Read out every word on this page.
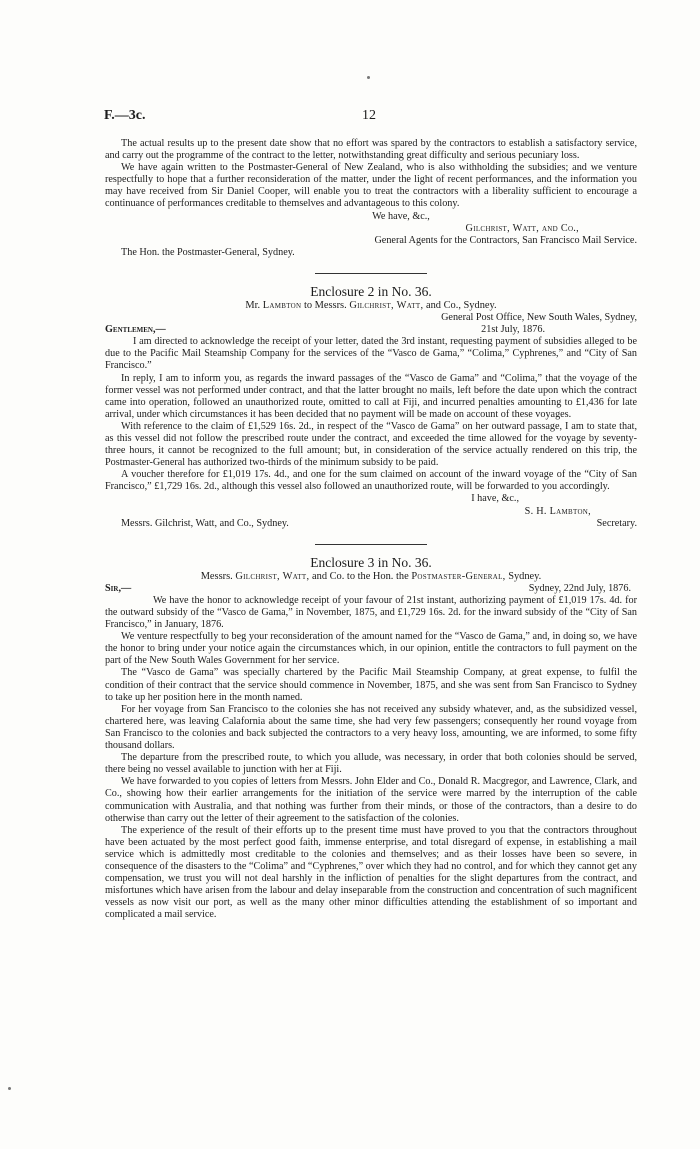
F.—3c.	12

The actual results up to the present date show that no effort was spared by the contractors to establish a satisfactory service, and carry out the programme of the contract to the letter, notwithstanding great difficulty and serious pecuniary loss.

We have again written to the Postmaster-General of New Zealand, who is also withholding the subsidies; and we venture respectfully to hope that a further reconsideration of the matter, under the light of recent performances, and the information you may have received from Sir Daniel Cooper, will enable you to treat the contractors with a liberality sufficient to encourage a continuance of performances creditable to themselves and advantageous to this colony.

We have, &c.,

Gilchrist, Watt, and Co.,

General Agents for the Contractors, San Francisco Mail Service.

The Hon. the Postmaster-General, Sydney.

Enclosure 2 in No. 36.
Mr. Lambton to Messrs. Gilchrist, Watt, and Co., Sydney.

General Post Office, New South Wales, Sydney,

Gentlemen,—	21st July, 1876.

I am directed to acknowledge the receipt of your letter, dated the 3rd instant, requesting payment of subsidies alleged to be due to the Pacific Mail Steamship Company for the services of the “Vasco de Gama,” “Colima,” Cyphrenes,” and “City of San Francisco.”

In reply, I am to inform you, as regards the inward passages of the “Vasco de Gama” and “Colima,” that the voyage of the former vessel was not performed under contract, and that the latter brought no mails, left before the date upon which the contract came into operation, followed an unauthorized route, omitted to call at Fiji, and incurred penalties amounting to £1,436 for late arrival, under which circumstances it has been decided that no payment will be made on account of these voyages.

With reference to the claim of £1,529 16s. 2d., in respect of the “Vasco de Gama” on her outward passage, I am to state that, as this vessel did not follow the prescribed route under the contract, and exceeded the time allowed for the voyage by seventy-three hours, it cannot be recognized to the full amount; but, in consideration of the service actually rendered on this trip, the Postmaster-General has authorized two-thirds of the minimum subsidy to be paid.

A voucher therefore for £1,019 17s. 4d., and one for the sum claimed on account of the inward voyage of the “City of San Francisco,” £1,729 16s. 2d., although this vessel also followed an unauthorized route, will be forwarded to you accordingly.

I have, &c.,

S. H. Lambton,

Messrs. Gilchrist, Watt, and Co., Sydney.	Secretary.
Enclosure 3 in No. 36.
Messrs. Gilchrist, Watt, and Co. to the Hon. the Postmaster-General, Sydney.
Sir,—	Sydney, 22nd July, 1876.

We have the honor to acknowledge receipt of your favour of 21st instant, authorizing payment of £1,019 17s. 4d. for the outward subsidy of the “Vasco de Gama,” in November, 1875, and £1,729 16s. 2d. for the inward subsidy of the “City of San Francisco,” in January, 1876.

We venture respectfully to beg your reconsideration of the amount named for the “Vasco de Gama,” and, in doing so, we have the honor to bring under your notice again the circumstances which, in our opinion, entitle the contractors to full payment on the part of the New South Wales Government for her service.

The “Vasco de Gama” was specially chartered by the Pacific Mail Steamship Company, at great expense, to fulfil the condition of their contract that the service should commence in November, 1875, and she was sent from San Francisco to Sydney to take up her position here in the month named.

For her voyage from San Francisco to the colonies she has not received any subsidy whatever, and, as the subsidized vessel, chartered here, was leaving Calafornia about the same time, she had very few passengers; consequently her round voyage from San Francisco to the colonies and back subjected the contractors to a very heavy loss, amounting, we are informed, to some fifty thousand dollars.

The departure from the prescribed route, to which you allude, was necessary, in order that both colonies should be served, there being no vessel available to junction with her at Fiji.

We have forwarded to you copies of letters from Messrs. John Elder and Co., Donald R. Macgregor, and Lawrence, Clark, and Co., showing how their earlier arrangements for the initiation of the service were marred by the interruption of the cable communication with Australia, and that nothing was further from their minds, or those of the contractors, than a desire to do otherwise than carry out the letter of their agreement to the satisfaction of the colonies.

The experience of the result of their efforts up to the present time must have proved to you that the contractors throughout have been actuated by the most perfect good faith, immense enterprise, and total disregard of expense, in establishing a mail service which is admittedly most creditable to the colonies and themselves; and as their losses have been so severe, in consequence of the disasters to the “Colima” and “Cyphrenes,” over which they had no control, and for which they cannot get any compensation, we trust you will not deal harshly in the infliction of penalties for the slight departures from the contract, and misfortunes which have arisen from the labour and delay inseparable from the construction and concentration of such magnificent vessels as now visit our port, as well as the many other minor difficulties attending the establishment of so important and complicated a mail service.
